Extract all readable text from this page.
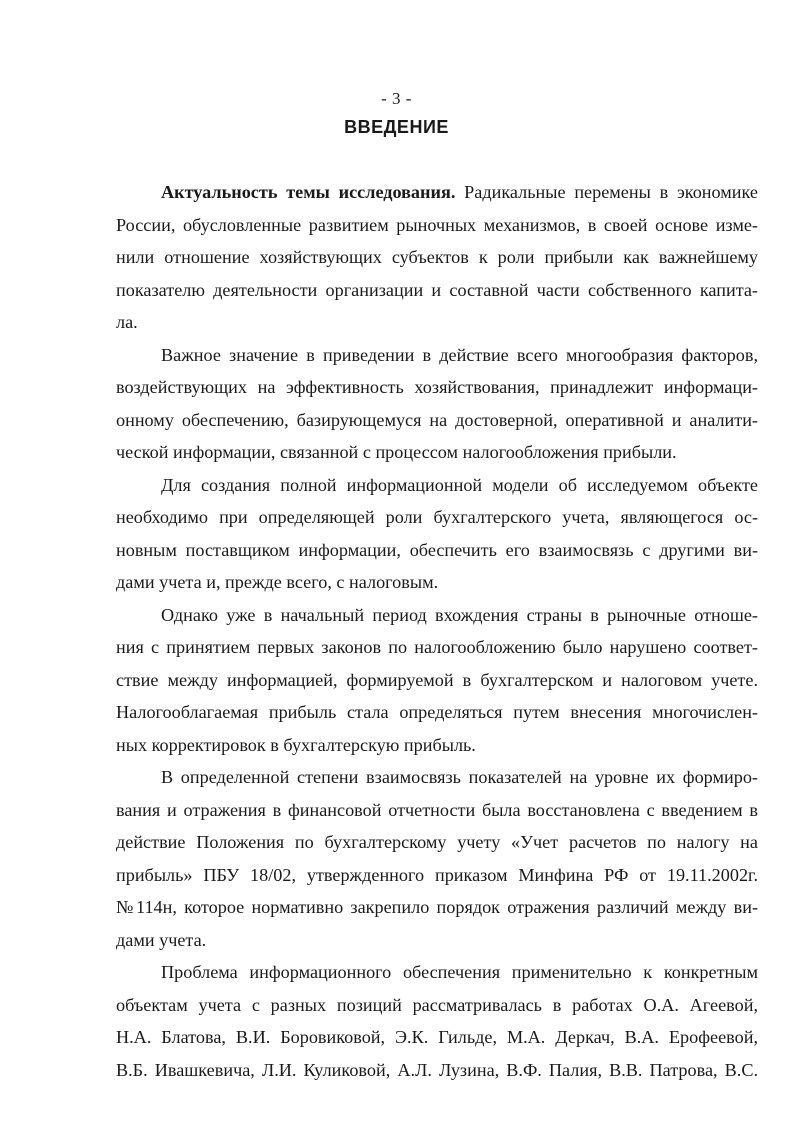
- 3 -
ВВЕДЕНИЕ
Актуальность темы исследования. Радикальные перемены в экономике
России, обусловленные развитием рыночных механизмов, в своей основе изме-
нили отношение хозяйствующих субъектов к роли прибыли как важнейшему
показателю деятельности организации и составной части собственного капита-
ла.
Важное значение в приведении в действие всего многообразия факторов,
воздействующих на эффективность хозяйствования, принадлежит информаци-
онному обеспечению, базирующемуся на достоверной, оперативной и аналити-
ческой информации, связанной с процессом налогообложения прибыли.
Для создания полной информационной модели об исследуемом объекте
необходимо при определяющей роли бухгалтерского учета, являющегося ос-
новным поставщиком информации, обеспечить его взаимосвязь с другими ви-
дами учета и, прежде всего, с налоговым.
Однако уже в начальный период вхождения страны в рыночные отноше-
ния с принятием первых законов по налогообложению было нарушено соответ-
ствие между информацией, формируемой в бухгалтерском и налоговом учете.
Налогооблагаемая прибыль стала определяться путем внесения многочислен-
ных корректировок в бухгалтерскую прибыль.
В определенной степени взаимосвязь показателей на уровне их формиро-
вания и отражения в финансовой отчетности была восстановлена с введением в
действие Положения по бухгалтерскому учету «Учет расчетов по налогу на
прибыль» ПБУ 18/02, утвержденного приказом Минфина РФ от 19.11.2002г.
№114н, которое нормативно закрепило порядок отражения различий между ви-
дами учета.
Проблема информационного обеспечения применительно к конкретным
объектам учета с разных позиций рассматривалась в работах О.А. Агеевой,
Н.А. Блатова, В.И. Боровиковой, Э.К. Гильде, М.А. Деркач, В.А. Ерофеевой,
В.Б. Ивашкевича, Л.И. Куликовой, А.Л. Лузина, В.Ф. Палия, В.В. Патрова, В.С.
